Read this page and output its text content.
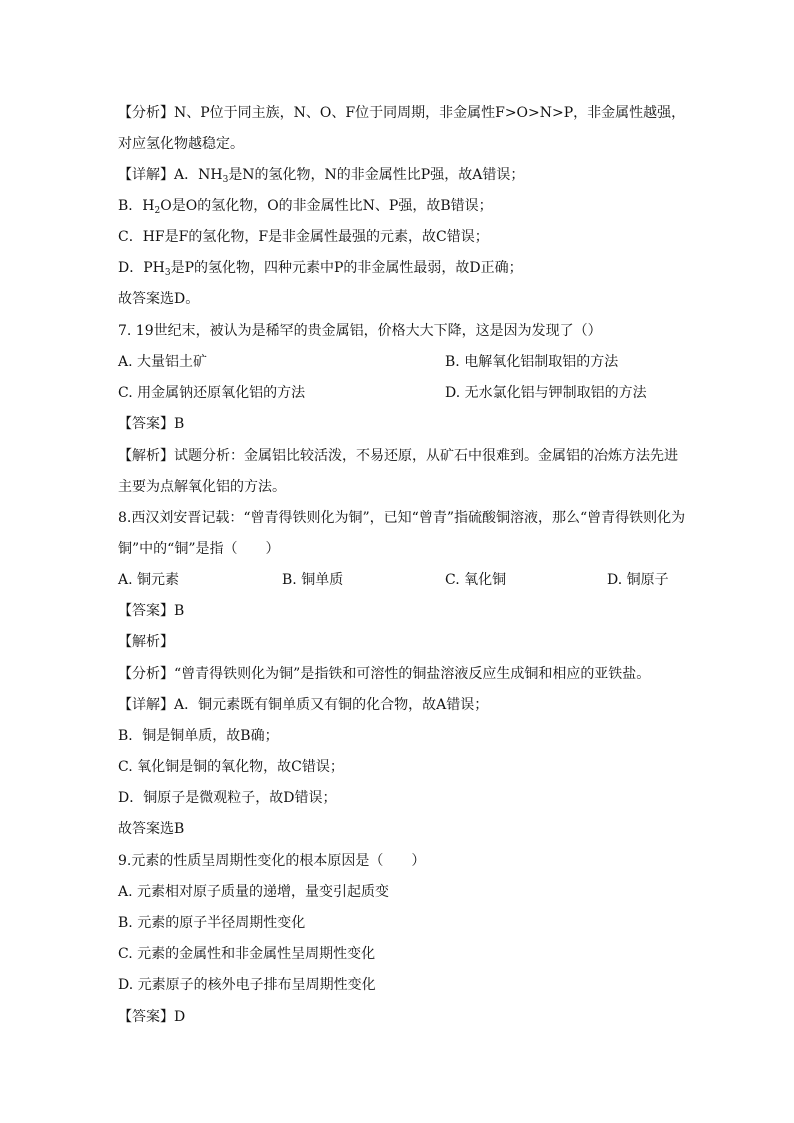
【分析】N、P位于同主族，N、O、F位于同周期，非金属性F>O>N>P，非金属性越强，
对应氢化物越稳定。
【详解】A．$NH_3$是N的氢化物，N的非金属性比P强，故A错误；
B．$H_2O$是O的氢化物，O的非金属性比N、P强，故B错误；
C．HF是F的氢化物，F是非金属性最强的元素，故C错误；
D．$PH_3$是P的氢化物，四种元素中P的非金属性最弱，故D正确；
故答案选D。
7. 19世纪末，被认为是稀罕的贵金属铝，价格大大下降，这是因为发现了（）
A. 大量铝土矿	B. 电解氧化铝制取铝的方法
C. 用金属钠还原氧化铝的方法	D. 无水氯化铝与钾制取铝的方法
【答案】B
【解析】试题分析：金属铝比较活泼，不易还原，从矿石中很难到。金属铝的冶炼方法先进
主要为点解氧化铝的方法。
8.西汉刘安晋记载：“曾青得铁则化为铜”，已知“曾青”指硫酸铜溶液，那么“曾青得铁则化为
铜”中的“铜”是指（　　）
A. 铜元素	B. 铜单质	C. 氧化铜	D. 铜原子
【答案】B
【解析】
【分析】“曾青得铁则化为铜”是指铁和可溶性的铜盐溶液反应生成铜和相应的亚铁盐。
【详解】A．铜元素既有铜单质又有铜的化合物，故A错误；
B．铜是铜单质，故B确；
C. 氧化铜是铜的氧化物，故C错误；
D．铜原子是微观粒子，故D错误；
故答案选B
9.元素的性质呈周期性变化的根本原因是（　　）
A. 元素相对原子质量的递增，量变引起质变
B. 元素的原子半径周期性变化
C. 元素的金属性和非金属性呈周期性变化
D. 元素原子的核外电子排布呈周期性变化
【答案】D
